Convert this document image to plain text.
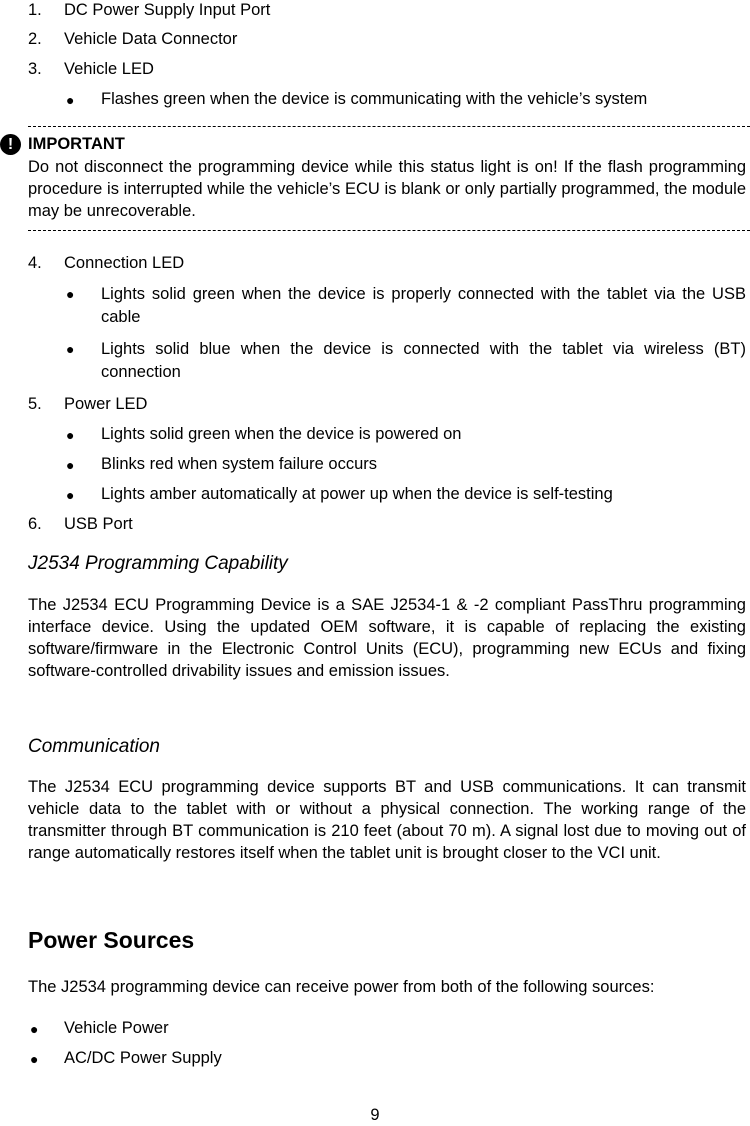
1. DC Power Supply Input Port
2. Vehicle Data Connector
3. Vehicle LED
● Flashes green when the device is communicating with the vehicle’s system
! IMPORTANT
Do not disconnect the programming device while this status light is on! If the flash programming procedure is interrupted while the vehicle’s ECU is blank or only partially programmed, the module may be unrecoverable.
4. Connection LED
● Lights solid green when the device is properly connected with the tablet via the USB cable
● Lights solid blue when the device is connected with the tablet via wireless (BT) connection
5. Power LED
● Lights solid green when the device is powered on
● Blinks red when system failure occurs
● Lights amber automatically at power up when the device is self-testing
6. USB Port
J2534 Programming Capability
The J2534 ECU Programming Device is a SAE J2534-1 & -2 compliant PassThru programming interface device. Using the updated OEM software, it is capable of replacing the existing software/firmware in the Electronic Control Units (ECU), programming new ECUs and fixing software-controlled drivability issues and emission issues.
Communication
The J2534 ECU programming device supports BT and USB communications. It can transmit vehicle data to the tablet with or without a physical connection. The working range of the transmitter through BT communication is 210 feet (about 70 m). A signal lost due to moving out of range automatically restores itself when the tablet unit is brought closer to the VCI unit.
Power Sources
The J2534 programming device can receive power from both of the following sources:
● Vehicle Power
● AC/DC Power Supply
9
